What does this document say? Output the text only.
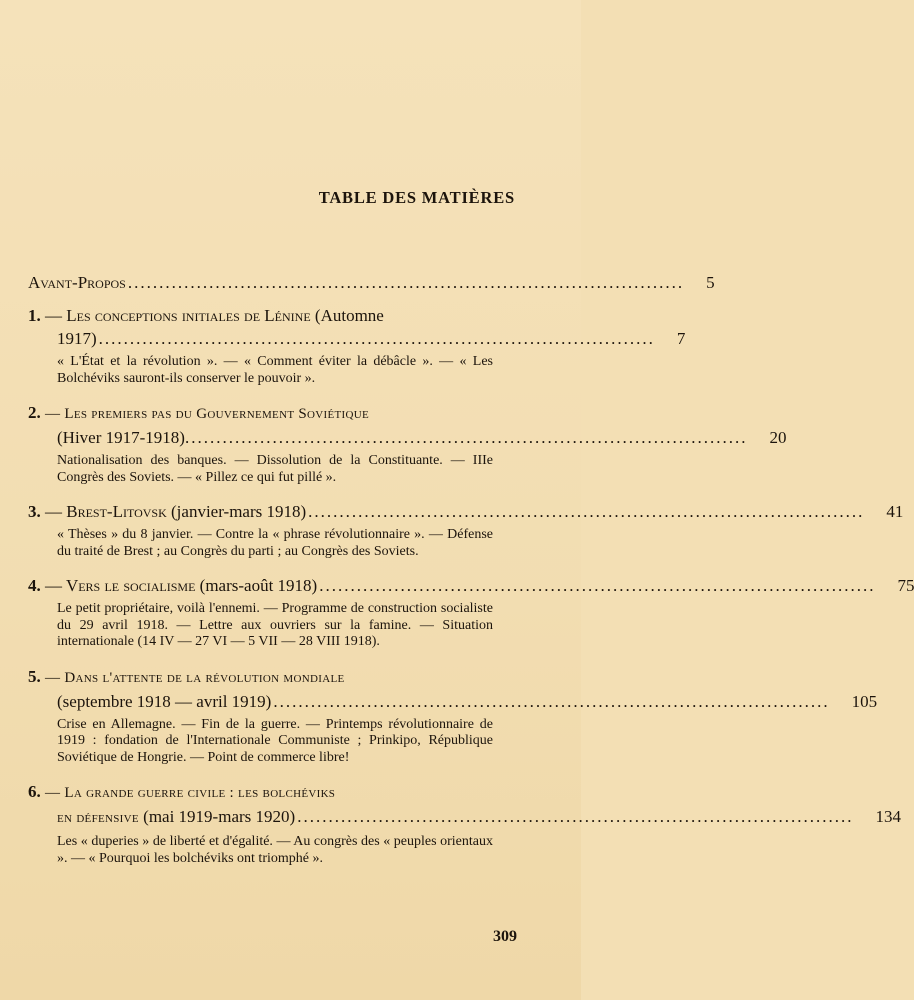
TABLE DES MATIÈRES
Avant-Propos ......................................................................................... 5
1. — Les conceptions initiales de Lénine (Automne
1917) ......................................................................................... 7
« L'État et la révolution ». — « Comment éviter la débâcle ». — « Les Bolchéviks sauront-ils conserver le pouvoir ».
2. — Les premiers pas du Gouvernement Soviétique
(Hiver 1917-1918). ......................................................................................... 20
Nationalisation des banques. — Dissolution de la Constituante. — IIIe Congrès des Soviets. — « Pillez ce qui fut pillé ».
3. — Brest-Litovsk (janvier-mars 1918) ......................................................................................... 41
« Thèses » du 8 janvier. — Contre la « phrase révolutionnaire ». — Défense du traité de Brest ; au Congrès du parti ; au Congrès des Soviets.
4. — Vers le socialisme (mars-août 1918) ......................................................................................... 75
Le petit propriétaire, voilà l'ennemi. — Programme de construction socialiste du 29 avril 1918. — Lettre aux ouvriers sur la famine. — Situation internationale (14 IV — 27 VI — 5 VII — 28 VIII 1918).
5. — Dans l'attente de la révolution mondiale
(septembre 1918 — avril 1919) ......................................................................................... 105
Crise en Allemagne. — Fin de la guerre. — Printemps révolutionnaire de 1919 : fondation de l'Internationale Communiste ; Prinkipo, République Soviétique de Hongrie. — Point de commerce libre!
6. — La grande guerre civile : les bolchéviks
en défensive (mai 1919-mars 1920) ......................................................................................... 134
Les « duperies » de liberté et d'égalité. — Au congrès des « peuples orientaux ». — « Pourquoi les bolchéviks ont triomphé ».
309
